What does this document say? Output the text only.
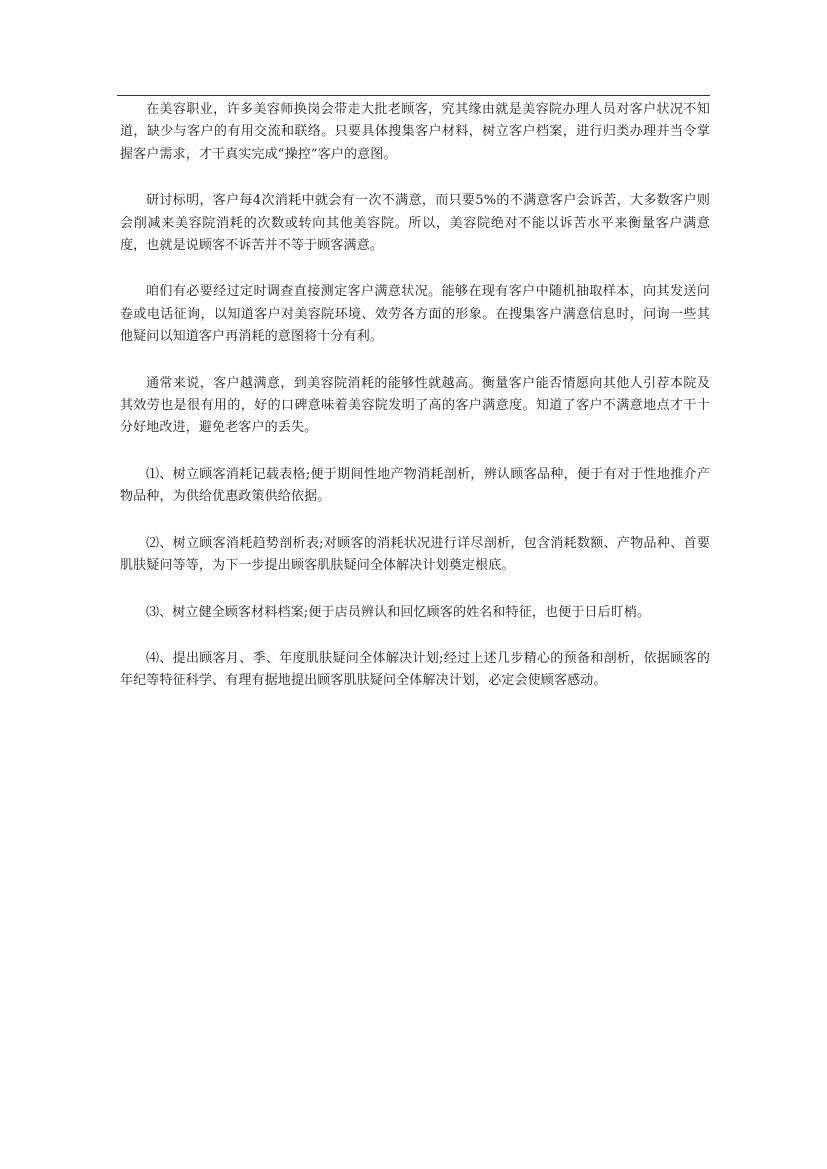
在美容职业，许多美容师换岗会带走大批老顾客，究其缘由就是美容院办理人员对客户状况不知道，缺少与客户的有用交流和联络。只要具体搜集客户材料，树立客户档案，进行归类办理并当令掌握客户需求，才干真实完成“操控”客户的意图。

研讨标明，客户每4次消耗中就会有一次不满意，而只要5%的不满意客户会诉苦，大多数客户则会削减来美容院消耗的次数或转向其他美容院。所以，美容院绝对不能以诉苦水平来衡量客户满意度，也就是说顾客不诉苦并不等于顾客满意。

咱们有必要经过定时调查直接测定客户满意状况。能够在现有客户中随机抽取样本，向其发送问卷或电话征询，以知道客户对美容院环境、效劳各方面的形象。在搜集客户满意信息时，问询一些其他疑问以知道客户再消耗的意图将十分有利。

通常来说，客户越满意，到美容院消耗的能够性就越高。衡量客户能否情愿向其他人引荐本院及其效劳也是很有用的，好的口碑意味着美容院发明了高的客户满意度。知道了客户不满意地点才干十分好地改进，避免老客户的丢失。

⑴、树立顾客消耗记载表格;便于期间性地产物消耗剖析，辨认顾客品种，便于有对于性地推介产物品种，为供给优惠政策供给依据。

⑵、树立顾客消耗趋势剖析表;对顾客的消耗状况进行详尽剖析，包含消耗数额、产物品种、首要肌肤疑问等等，为下一步提出顾客肌肤疑问全体解决计划奠定根底。

⑶、树立健全顾客材料档案;便于店员辨认和回忆顾客的姓名和特征，也便于日后盯梢。

⑷、提出顾客月、季、年度肌肤疑问全体解决计划;经过上述几步精心的预备和剖析，依据顾客的年纪等特征科学、有理有据地提出顾客肌肤疑问全体解决计划，必定会使顾客感动。
